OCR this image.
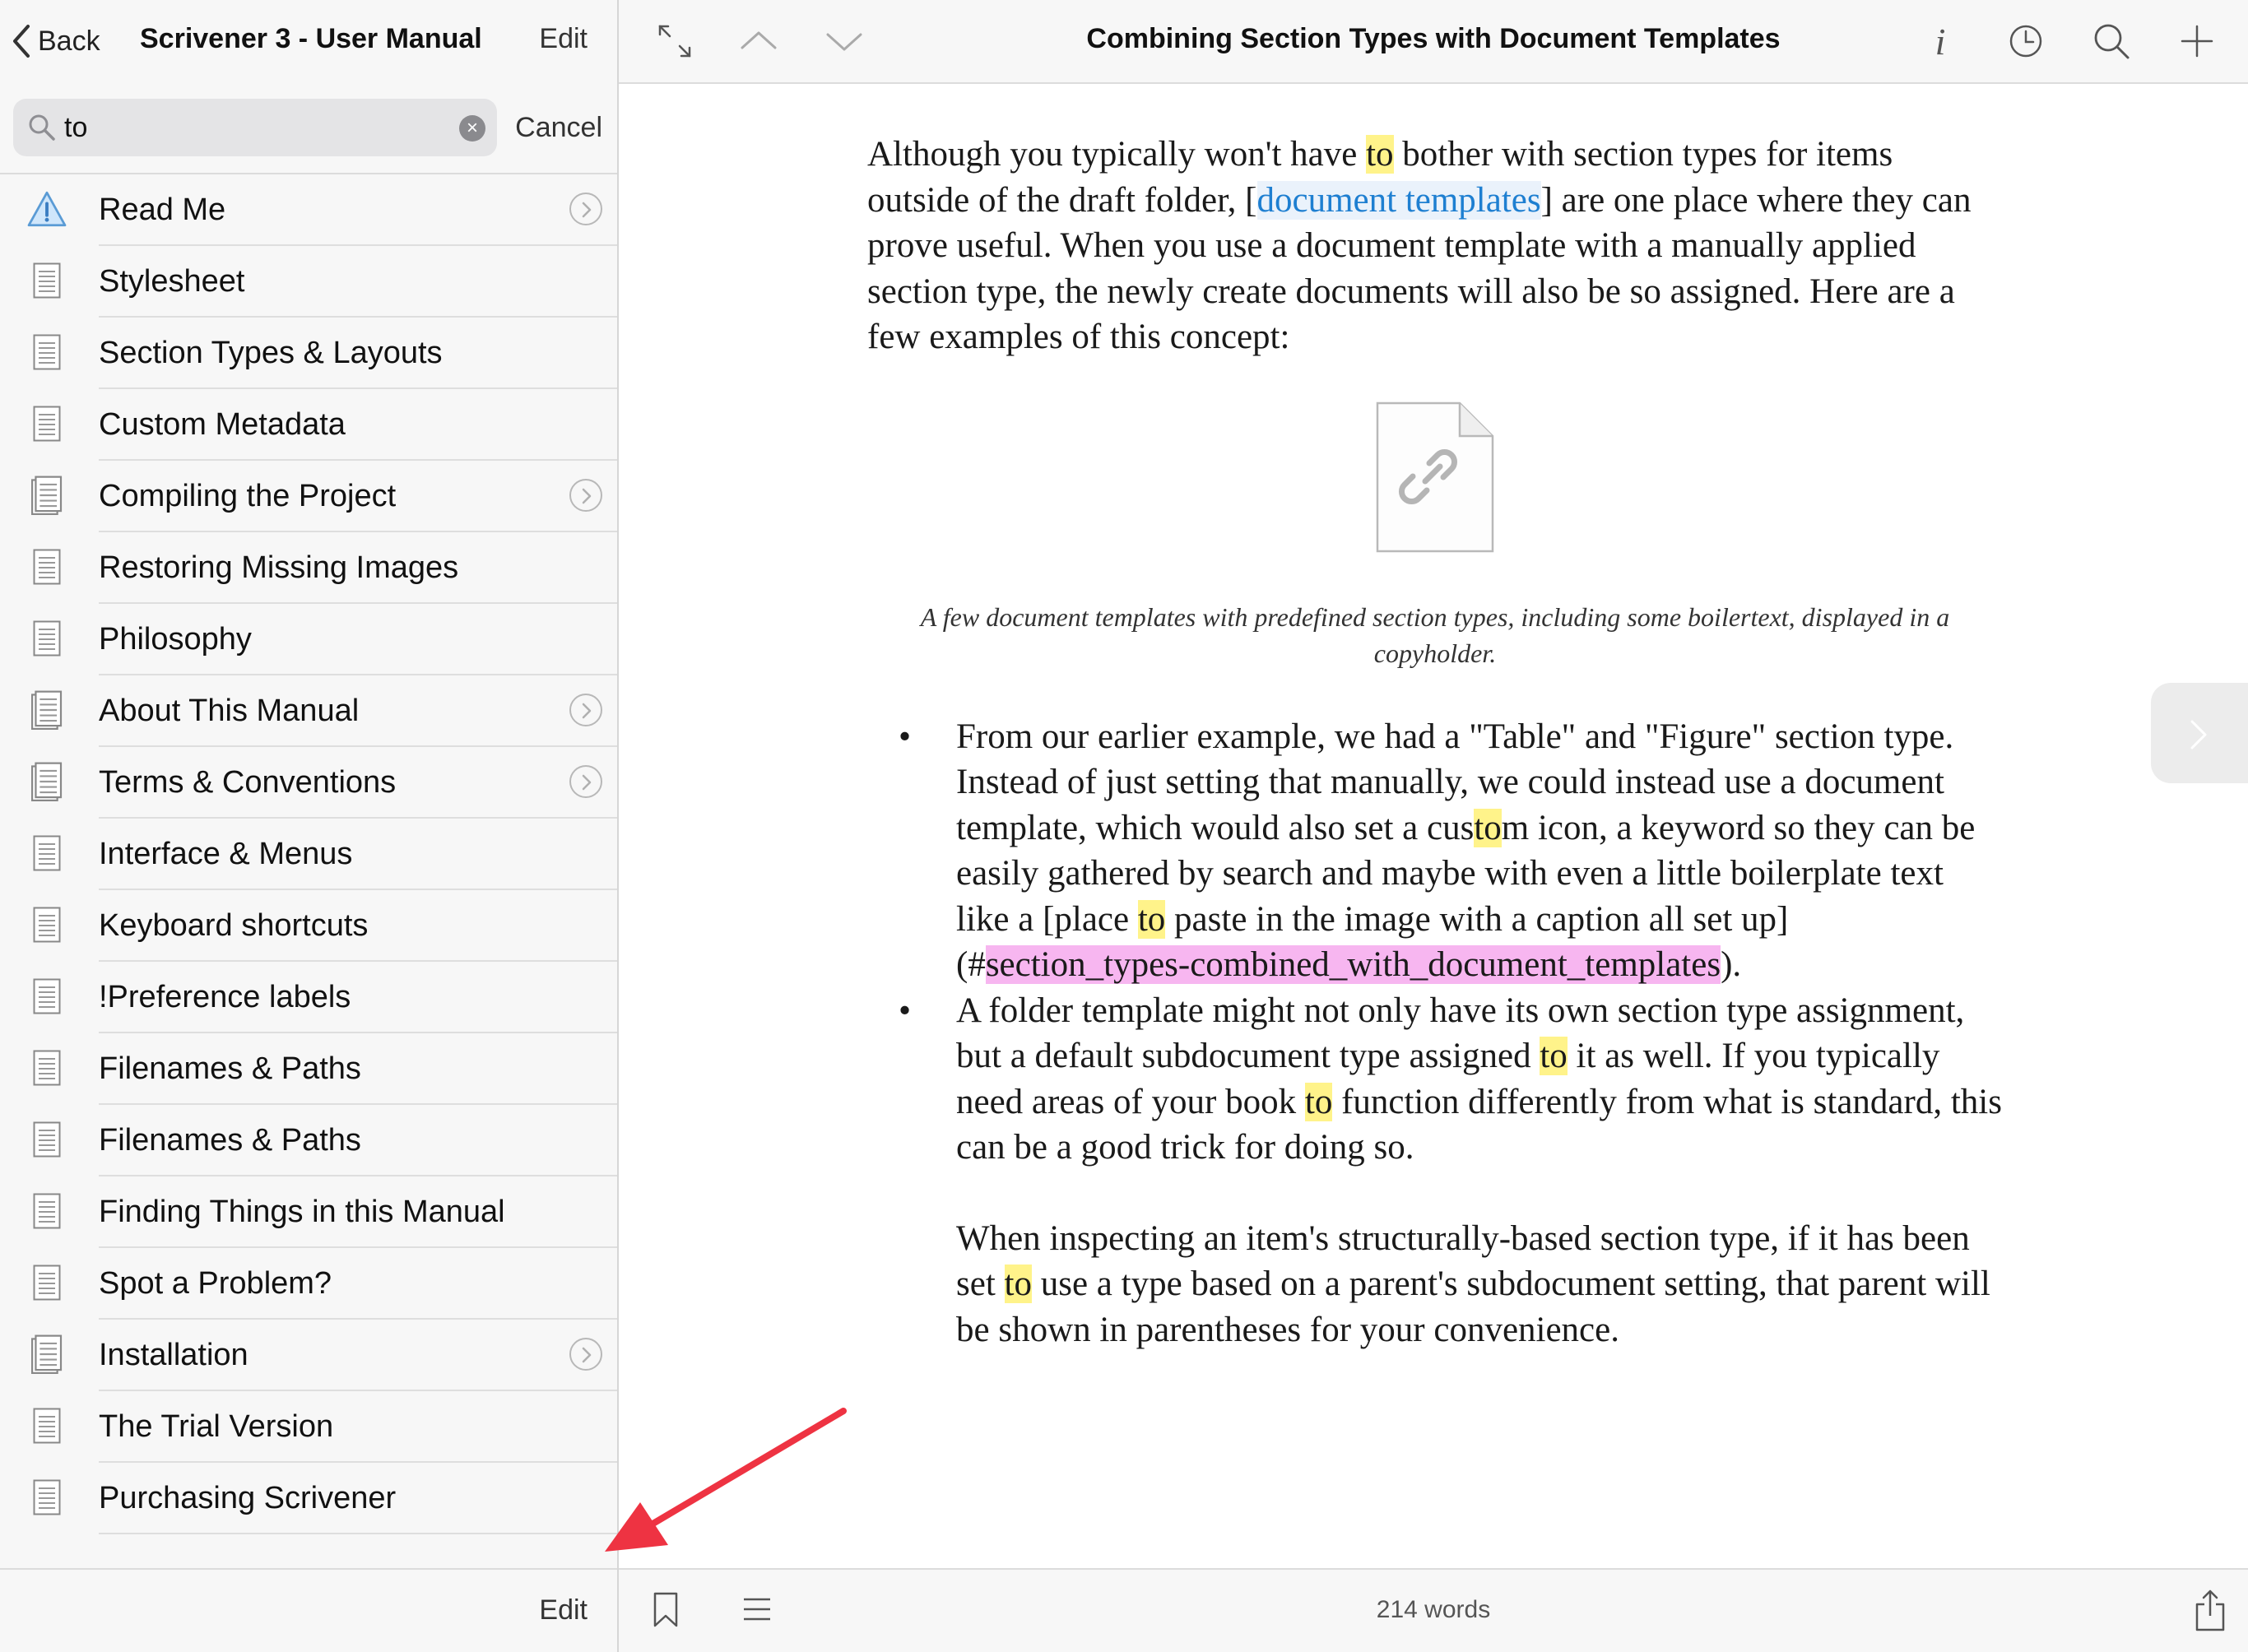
Back Scrivener 3 - User Manual Edit
to	× Cancel
Read Me
Stylesheet
Section Types & Layouts
Custom Metadata
Compiling the Project
Restoring Missing Images
Philosophy
About This Manual
Terms & Conventions
Interface & Menus
Keyboard shortcuts
!Preference labels
Filenames & Paths
Filenames & Paths
Finding Things in this Manual
Spot a Problem?
Installation
The Trial Version
Purchasing Scrivener
Edit
Combining Section Types with Document Templates	i

Although you typically won't have to bother with section types for items outside of the draft folder, [document templates] are one place where they can prove useful. When you use a document template with a manually applied section type, the newly create documents will also be so assigned. Here are a few examples of this concept:

A few document templates with predefined section types, including some boilertext, displayed in a copyholder.

• From our earlier example, we had a "Table" and "Figure" section type. Instead of just setting that manually, we could instead use a document template, which would also set a custom icon, a keyword so they can be easily gathered by search and maybe with even a little boilerplate text like a [place to paste in the image with a caption all set up](#section_types-combined_with_document_templates).
• A folder template might not only have its own section type assignment, but a default subdocument type assigned to it as well. If you typically need areas of your book to function differently from what is standard, this can be a good trick for doing so.

When inspecting an item's structurally-based section type, if it has been set to use a type based on a parent's subdocument setting, that parent will be shown in parentheses for your convenience.

214 words
